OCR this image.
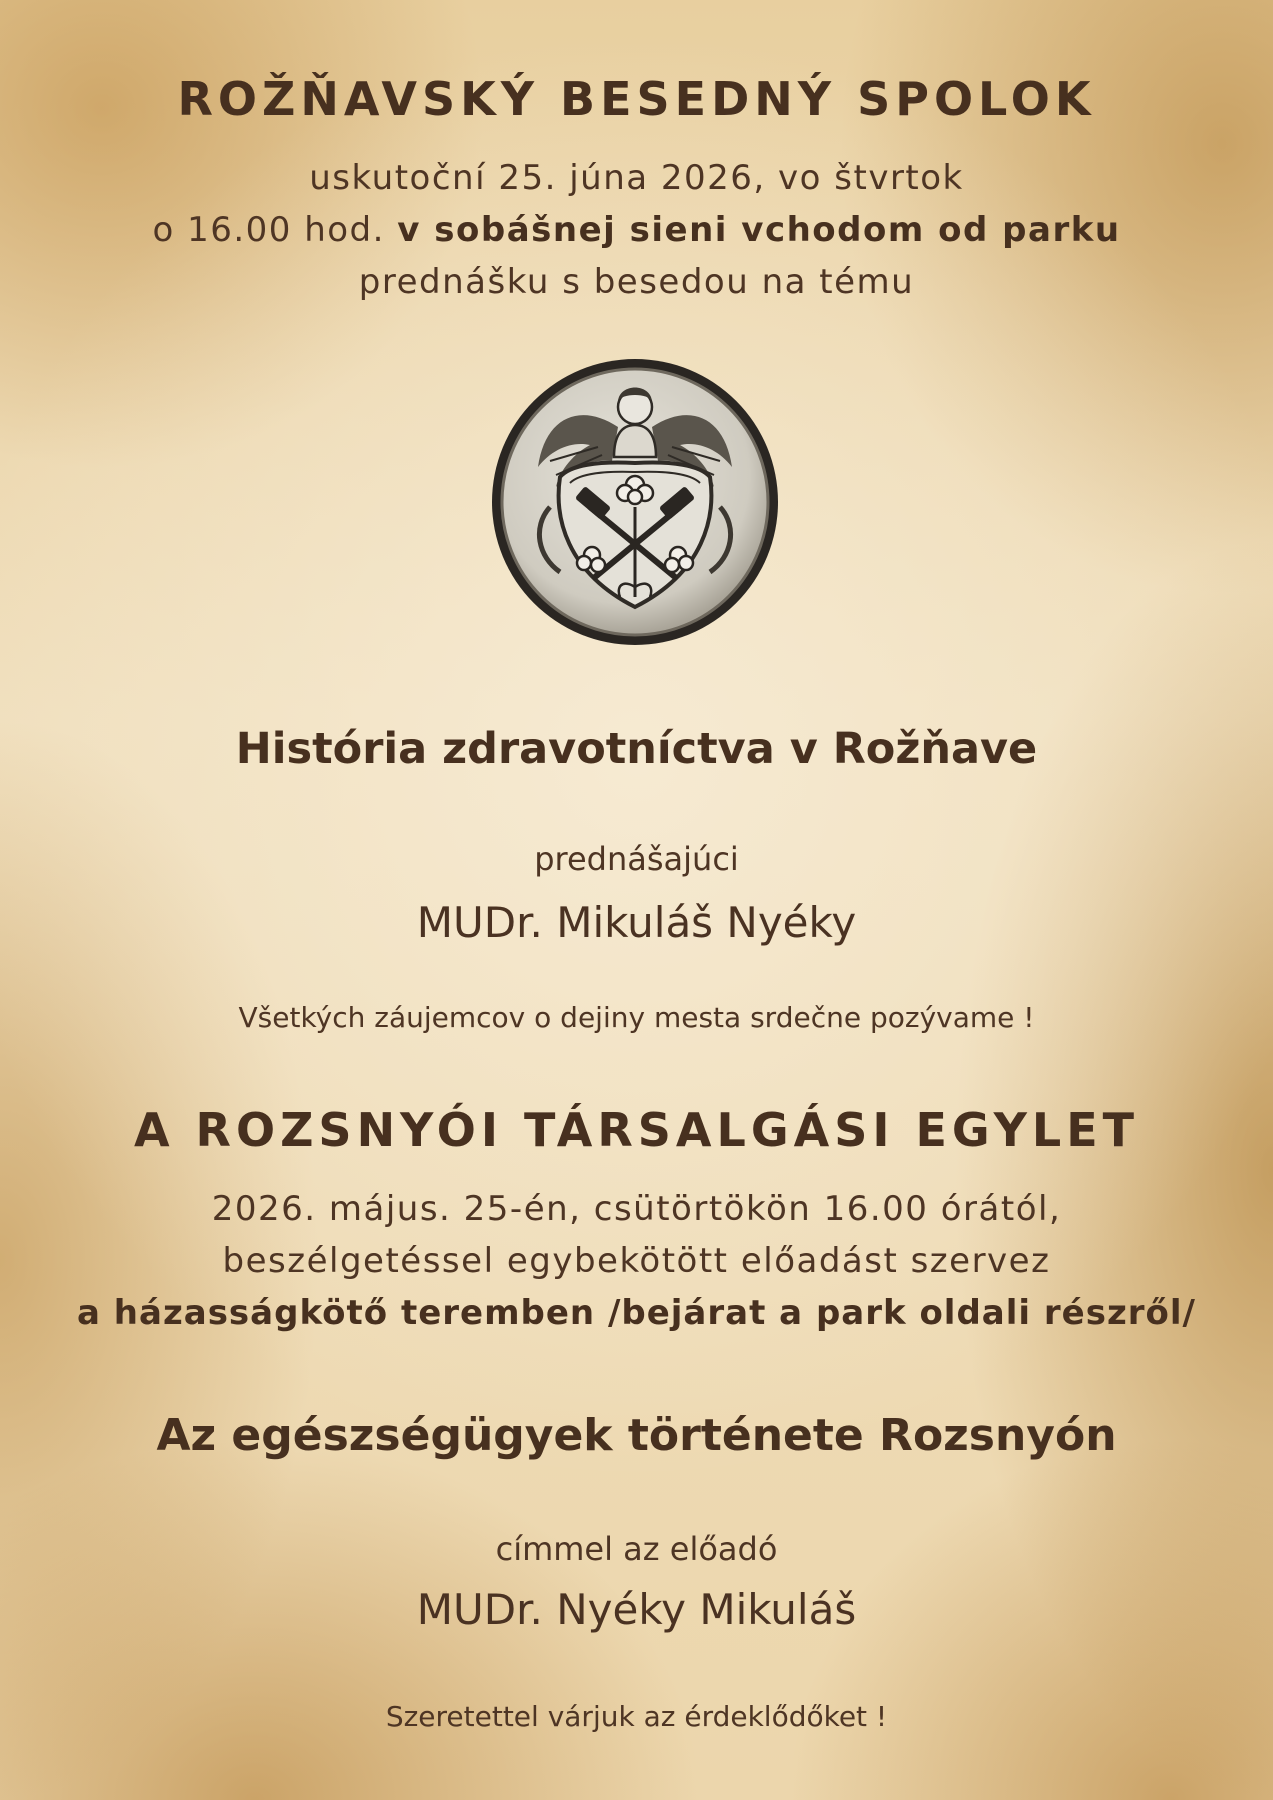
ROŽŇAVSKÝ BESEDNÝ SPOLOK
uskutoční 25. júna 2026, vo štvrtok
o 16.00 hod. v sobášnej sieni vchodom od parku
prednášku s besedou na tému
História zdravotníctva v Rožňave
prednášajúci
MUDr. Mikuláš Nyéky
Všetkých záujemcov o dejiny mesta srdečne pozývame !
A ROZSNYÓI TÁRSALGÁSI EGYLET
2026. május. 25-én, csütörtökön 16.00 órától,
beszélgetéssel egybekötött előadást szervez
a házasságkötő teremben /bejárat a park oldali részről/
Az egészségügyek története Rozsnyón
címmel az előadó
MUDr. Nyéky Mikuláš
Szeretettel várjuk az érdeklődőket !
